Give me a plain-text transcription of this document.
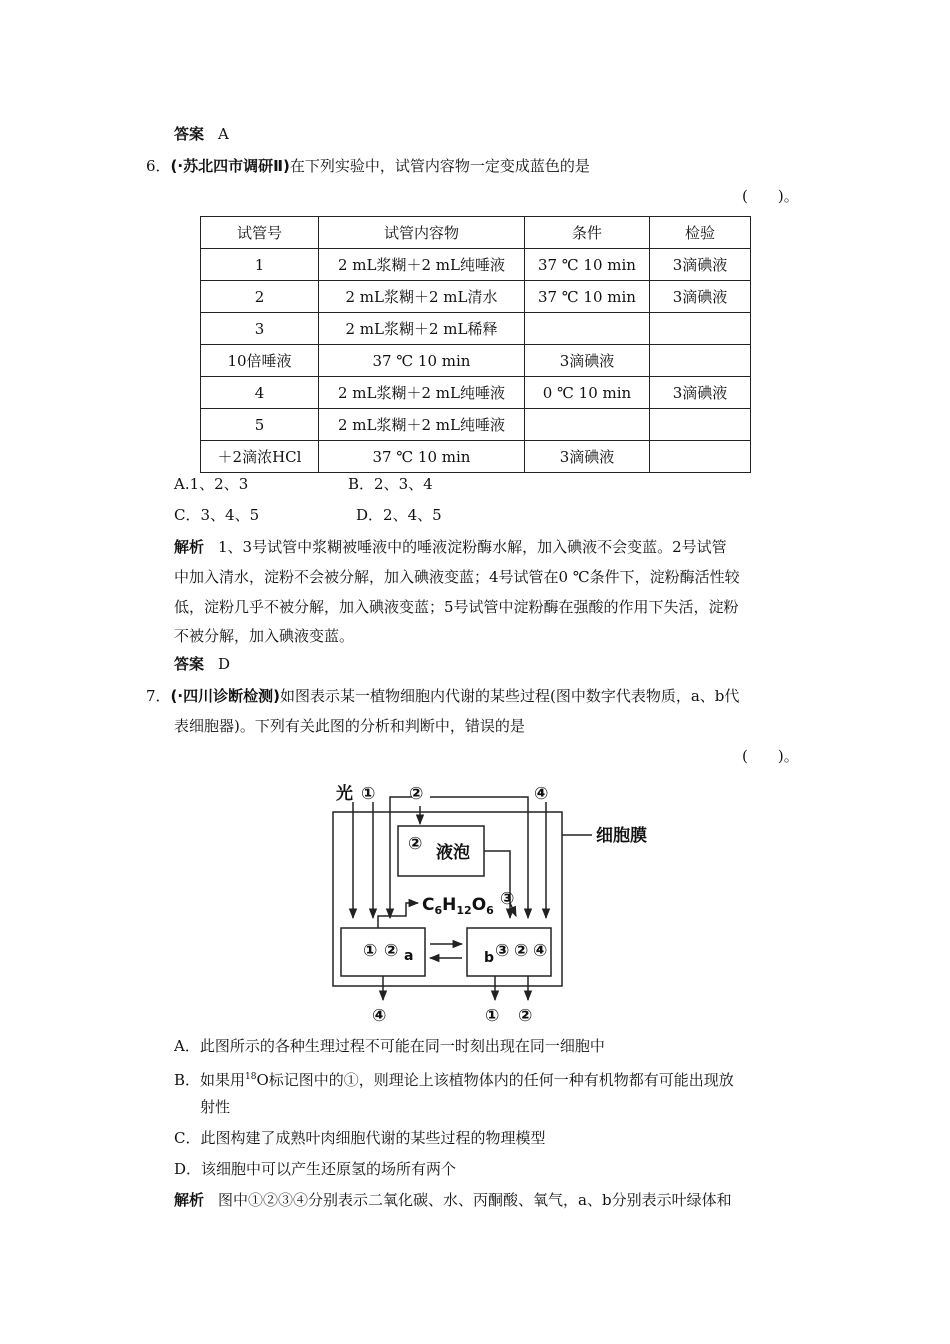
答案 A
6．(·苏北四市调研Ⅱ)在下列实验中，试管内容物一定变成蓝色的是
(　　)。
试管号	试管内容物	条件	检验
1	2 mL浆糊＋2 mL纯唾液	37 ℃ 10 min	3滴碘液
2	2 mL浆糊＋2 mL清水	37 ℃ 10 min	3滴碘液
3	2 mL浆糊＋2 mL稀释		
10倍唾液	37 ℃ 10 min	3滴碘液	
4	2 mL浆糊＋2 mL纯唾液	0 ℃ 10 min	3滴碘液
5	2 mL浆糊＋2 mL纯唾液		
＋2滴浓HCl	37 ℃ 10 min	3滴碘液	
A.1、2、3	B．2、3、4
C．3、4、5	D．2、4、5
解析 1、3号试管中浆糊被唾液中的唾液淀粉酶水解，加入碘液不会变蓝。2号试管
中加入清水，淀粉不会被分解，加入碘液变蓝；4号试管在0 ℃条件下，淀粉酶活性较
低，淀粉几乎不被分解，加入碘液变蓝；5号试管中淀粉酶在强酸的作用下失活，淀粉
不被分解，加入碘液变蓝。
答案 D
7．(·四川诊断检测)如图表示某一植物细胞内代谢的某些过程(图中数字代表物质，a、b代
表细胞器)。下列有关此图的分析和判断中，错误的是
(　　)。
光 ① ②	④
细胞膜
② 液泡
$C_6H_{12}O_6$
③
① ② a	b ③ ② ④
④	① ②
A．此图所示的各种生理过程不可能在同一时刻出现在同一细胞中
B．如果用$^{18}$O标记图中的①，则理论上该植物体内的任何一种有机物都有可能出现放
射性
C．此图构建了成熟叶肉细胞代谢的某些过程的物理模型
D．该细胞中可以产生还原氢的场所有两个
解析 图中①②③④分别表示二氧化碳、水、丙酮酸、氧气，a、b分别表示叶绿体和
